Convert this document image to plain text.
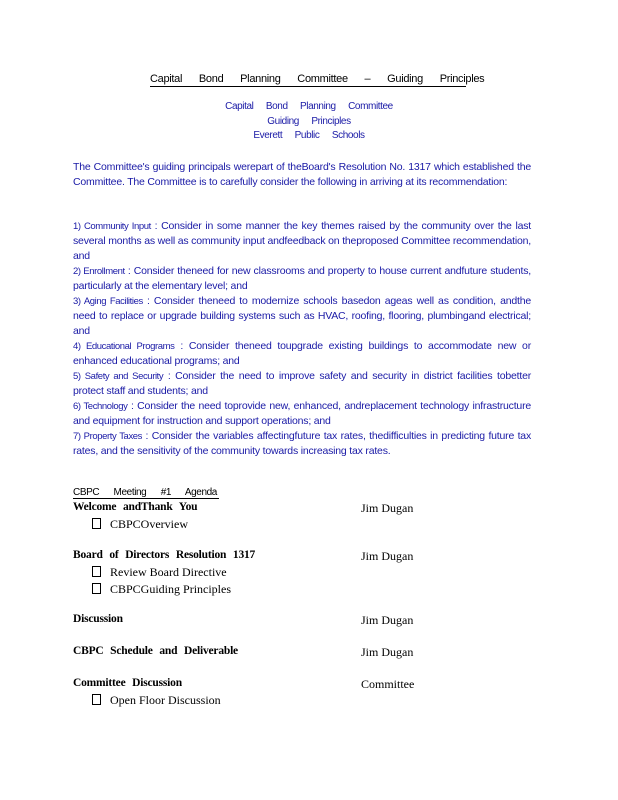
Capital Bond Planning Committee – Guiding Principles
Capital Bond Planning Committee
Guiding Principles
Everett Public Schools
The Committee's guiding principals werepart of theBoard's Resolution No. 1317 which established the Committee. The Committee is to carefully consider the following in arriving at its recommendation:
1) Community Input : Consider in some manner the key themes raised by the community over the last several months as well as community input andfeedback on theproposed Committee recommendation, and
2) Enrollment : Consider theneed for new classrooms and property to house current andfuture students, particularly at the elementary level; and
3) Aging Facilities : Consider theneed to modernize schools basedon ageas well as condition, andthe need to replace or upgrade building systems such as HVAC, roofing, flooring, plumbingand electrical; and
4) Educational Programs : Consider theneed toupgrade existing buildings to accommodate new or enhanced educational programs; and
5) Safety and Security : Consider the need to improve safety and security in district facilities tobetter protect staff and students; and
6) Technology : Consider the need toprovide new, enhanced, andreplacement technology infrastructure and equipment for instruction and support operations; and
7) Property Taxes : Consider the variables affectingfuture tax rates, thedifficulties in predicting future tax rates, and the sensitivity of the community towards increasing tax rates.
CBPC Meeting #1 Agenda
Welcome andThank You	Jim Dugan
CBPCOverview
Board of Directors Resolution 1317	Jim Dugan
Review Board Directive
CBPCGuiding Principles
Discussion	Jim Dugan
CBPC Schedule and Deliverable	Jim Dugan
Committee Discussion	Committee
Open Floor Discussion
